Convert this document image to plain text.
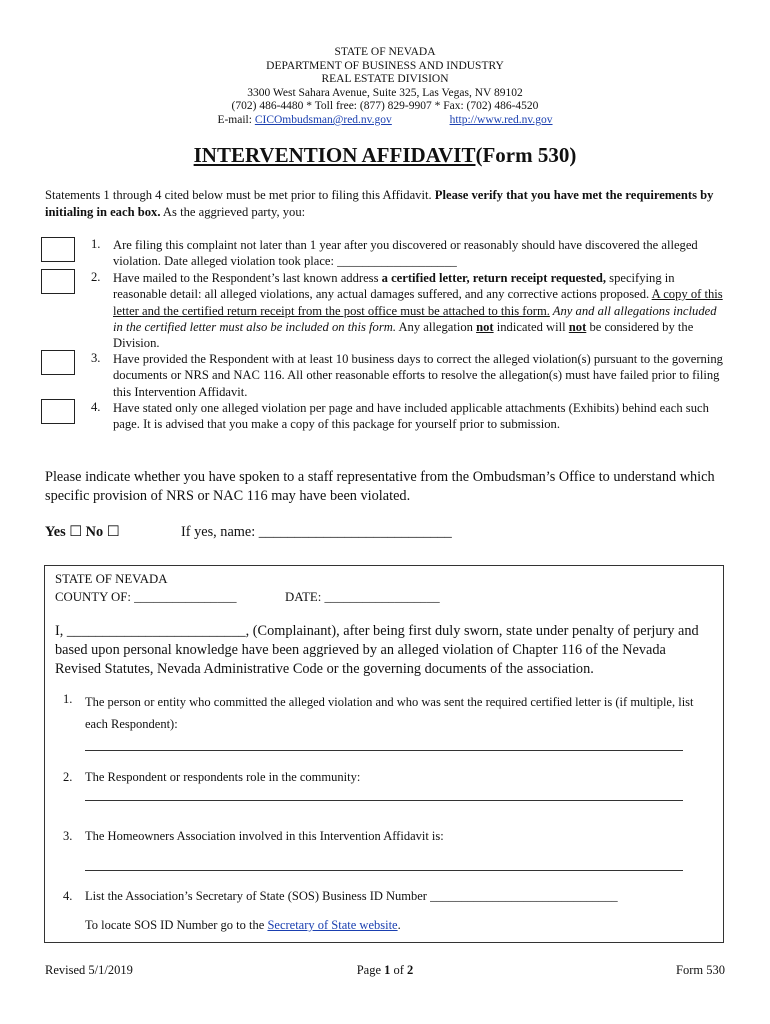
STATE OF NEVADA
DEPARTMENT OF BUSINESS AND INDUSTRY
REAL ESTATE DIVISION
3300 West Sahara Avenue, Suite 325, Las Vegas, NV 89102
(702) 486-4480 * Toll free: (877) 829-9907 * Fax: (702) 486-4520
E-mail: CICOmbudsman@red.nv.gov	http://www.red.nv.gov
INTERVENTION AFFIDAVIT(Form 530)
Statements 1 through 4 cited below must be met prior to filing this Affidavit. Please verify that you have met the requirements by initialing in each box. As the aggrieved party, you:
1.
2.
3.
4.
Are filing this complaint not later than 1 year after you discovered or reasonably should have discovered the alleged violation. Date alleged violation took place: ___________________
Have mailed to the Respondent’s last known address a certified letter, return receipt requested, specifying in reasonable detail: all alleged violations, any actual damages suffered, and any corrective actions proposed. A copy of this letter and the certified return receipt from the post office must be attached to this form. Any and all allegations included in the certified letter must also be included on this form. Any allegation not indicated will not be considered by the Division.
Have provided the Respondent with at least 10 business days to correct the alleged violation(s) pursuant to the governing documents or NRS and NAC 116. All other reasonable efforts to resolve the allegation(s) must have failed prior to filing this Intervention Affidavit.
Have stated only one alleged violation per page and have included applicable attachments (Exhibits) behind each such page. It is advised that you make a copy of this package for yourself prior to submission.
Please indicate whether you have spoken to a staff representative from the Ombudsman’s Office to understand which specific provision of NRS or NAC 116 may have been violated.
Yes ☐ No ☐	If yes, name: ___________________________
STATE OF NEVADA
COUNTY OF: ________________	DATE: __________________
I, _________________________, (Complainant), after being first duly sworn, state under penalty of perjury and based upon personal knowledge have been aggrieved by an alleged violation of Chapter 116 of the Nevada Revised Statutes, Nevada Administrative Code or the governing documents of the association.
1. The person or entity who committed the alleged violation and who was sent the required certified letter is (if multiple, list each Respondent):
2. The Respondent or respondents role in the community:
3. The Homeowners Association involved in this Intervention Affidavit is:
4. List the Association’s Secretary of State (SOS) Business ID Number ______________________________
To locate SOS ID Number go to the Secretary of State website.
Revised 5/1/2019	Page 1 of 2	Form 530
